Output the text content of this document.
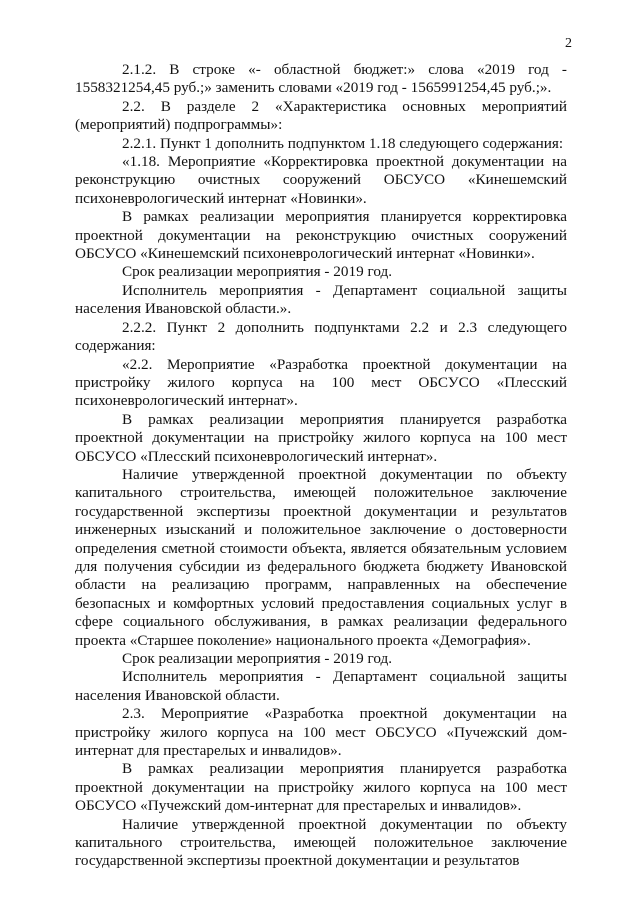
2

2.1.2. В строке «- областной бюджет:» слова «2019 год - 1558321254,45 руб.;» заменить словами «2019 год - 1565991254,45 руб.;».

2.2. В разделе 2 «Характеристика основных мероприятий (мероприятий) подпрограммы»:

2.2.1. Пункт 1 дополнить подпунктом 1.18 следующего содержания:

«1.18. Мероприятие «Корректировка проектной документации на реконструкцию очистных сооружений ОБСУСО «Кинешемский психоневрологический интернат «Новинки».

В рамках реализации мероприятия планируется корректировка проектной документации на реконструкцию очистных сооружений ОБСУСО «Кинешемский психоневрологический интернат «Новинки».

Срок реализации мероприятия - 2019 год.

Исполнитель мероприятия - Департамент социальной защиты населения Ивановской области.».

2.2.2. Пункт 2 дополнить подпунктами 2.2 и 2.3 следующего содержания:

«2.2. Мероприятие «Разработка проектной документации на пристройку жилого корпуса на 100 мест ОБСУСО «Плесский психоневрологический интернат».

В рамках реализации мероприятия планируется разработка проектной документации на пристройку жилого корпуса на 100 мест ОБСУСО «Плесский психоневрологический интернат».

Наличие утвержденной проектной документации по объекту капитального строительства, имеющей положительное заключение государственной экспертизы проектной документации и результатов инженерных изысканий и положительное заключение о достоверности определения сметной стоимости объекта, является обязательным условием для получения субсидии из федерального бюджета бюджету Ивановской области на реализацию программ, направленных на обеспечение безопасных и комфортных условий предоставления социальных услуг в сфере социального обслуживания, в рамках реализации федерального проекта «Старшее поколение» национального проекта «Демография».

Срок реализации мероприятия - 2019 год.

Исполнитель мероприятия - Департамент социальной защиты населения Ивановской области.

2.3. Мероприятие «Разработка проектной документации на пристройку жилого корпуса на 100 мест ОБСУСО «Пучежский дом-интернат для престарелых и инвалидов».

В рамках реализации мероприятия планируется разработка проектной документации на пристройку жилого корпуса на 100 мест ОБСУСО «Пучежский дом-интернат для престарелых и инвалидов».

Наличие утвержденной проектной документации по объекту капитального строительства, имеющей положительное заключение государственной экспертизы проектной документации и результатов
